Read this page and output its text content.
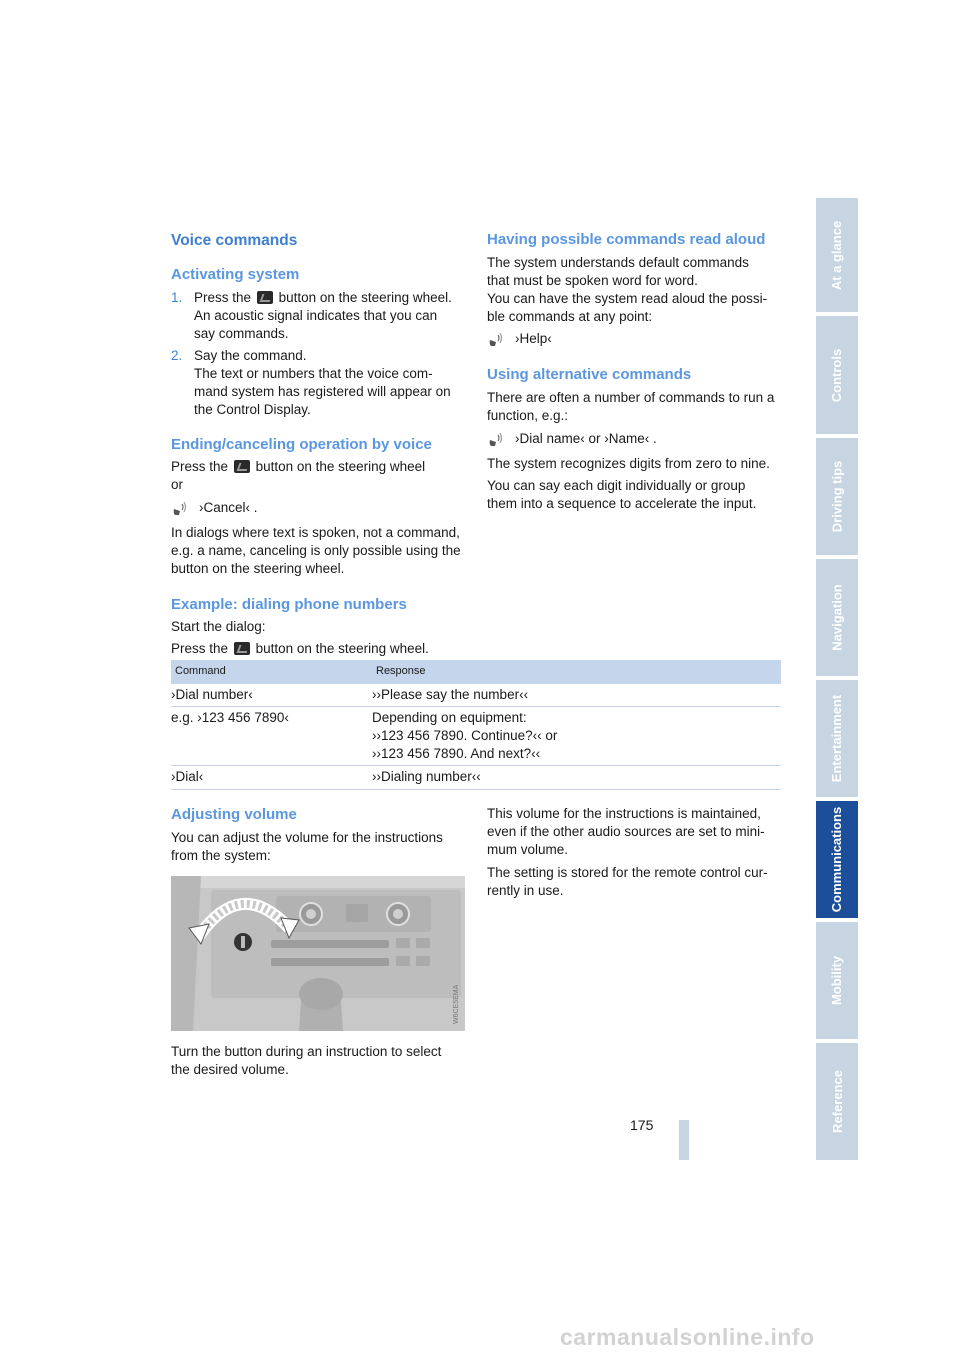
Voice commands
Activating system
1. Press the button on the steering wheel.
An acoustic signal indicates that you can
say commands.
2. Say the command.
The text or numbers that the voice com-
mand system has registered will appear on
the Control Display.
Ending/canceling operation by voice

Press the button on the steering wheel
or

›Cancel‹ .

In dialogs where text is spoken, not a command,
e.g. a name, canceling is only possible using the
button on the steering wheel.

Having possible commands read aloud

The system understands default commands
that must be spoken word for word.
You can have the system read aloud the possi-
ble commands at any point:

›Help‹
Using alternative commands

There are often a number of commands to run a
function, e.g.:

›Dial name‹ or ›Name‹ .

The system recognizes digits from zero to nine.

You can say each digit individually or group
them into a sequence to accelerate the input.

Example: dialing phone numbers

Start the dialog:
Press the button on the steering wheel.

Command	Response
›Dial number‹	››Please say the number‹‹
e.g. ›123 456 7890‹	Depending on equipment:
››123 456 7890. Continue?‹‹ or
››123 456 7890. And next?‹‹
›Dial‹	››Dialing number‹‹
Adjusting volume

You can adjust the volume for the instructions
from the system:

W6CE5EMA

Turn the button during an instruction to select
the desired volume.

This volume for the instructions is maintained,
even if the other audio sources are set to mini-
mum volume.

The setting is stored for the remote control cur-
rently in use.

175
At a glance
Controls
Driving tips
Navigation
Entertainment
Communications
Mobility
Reference
carmanualsonline.info
